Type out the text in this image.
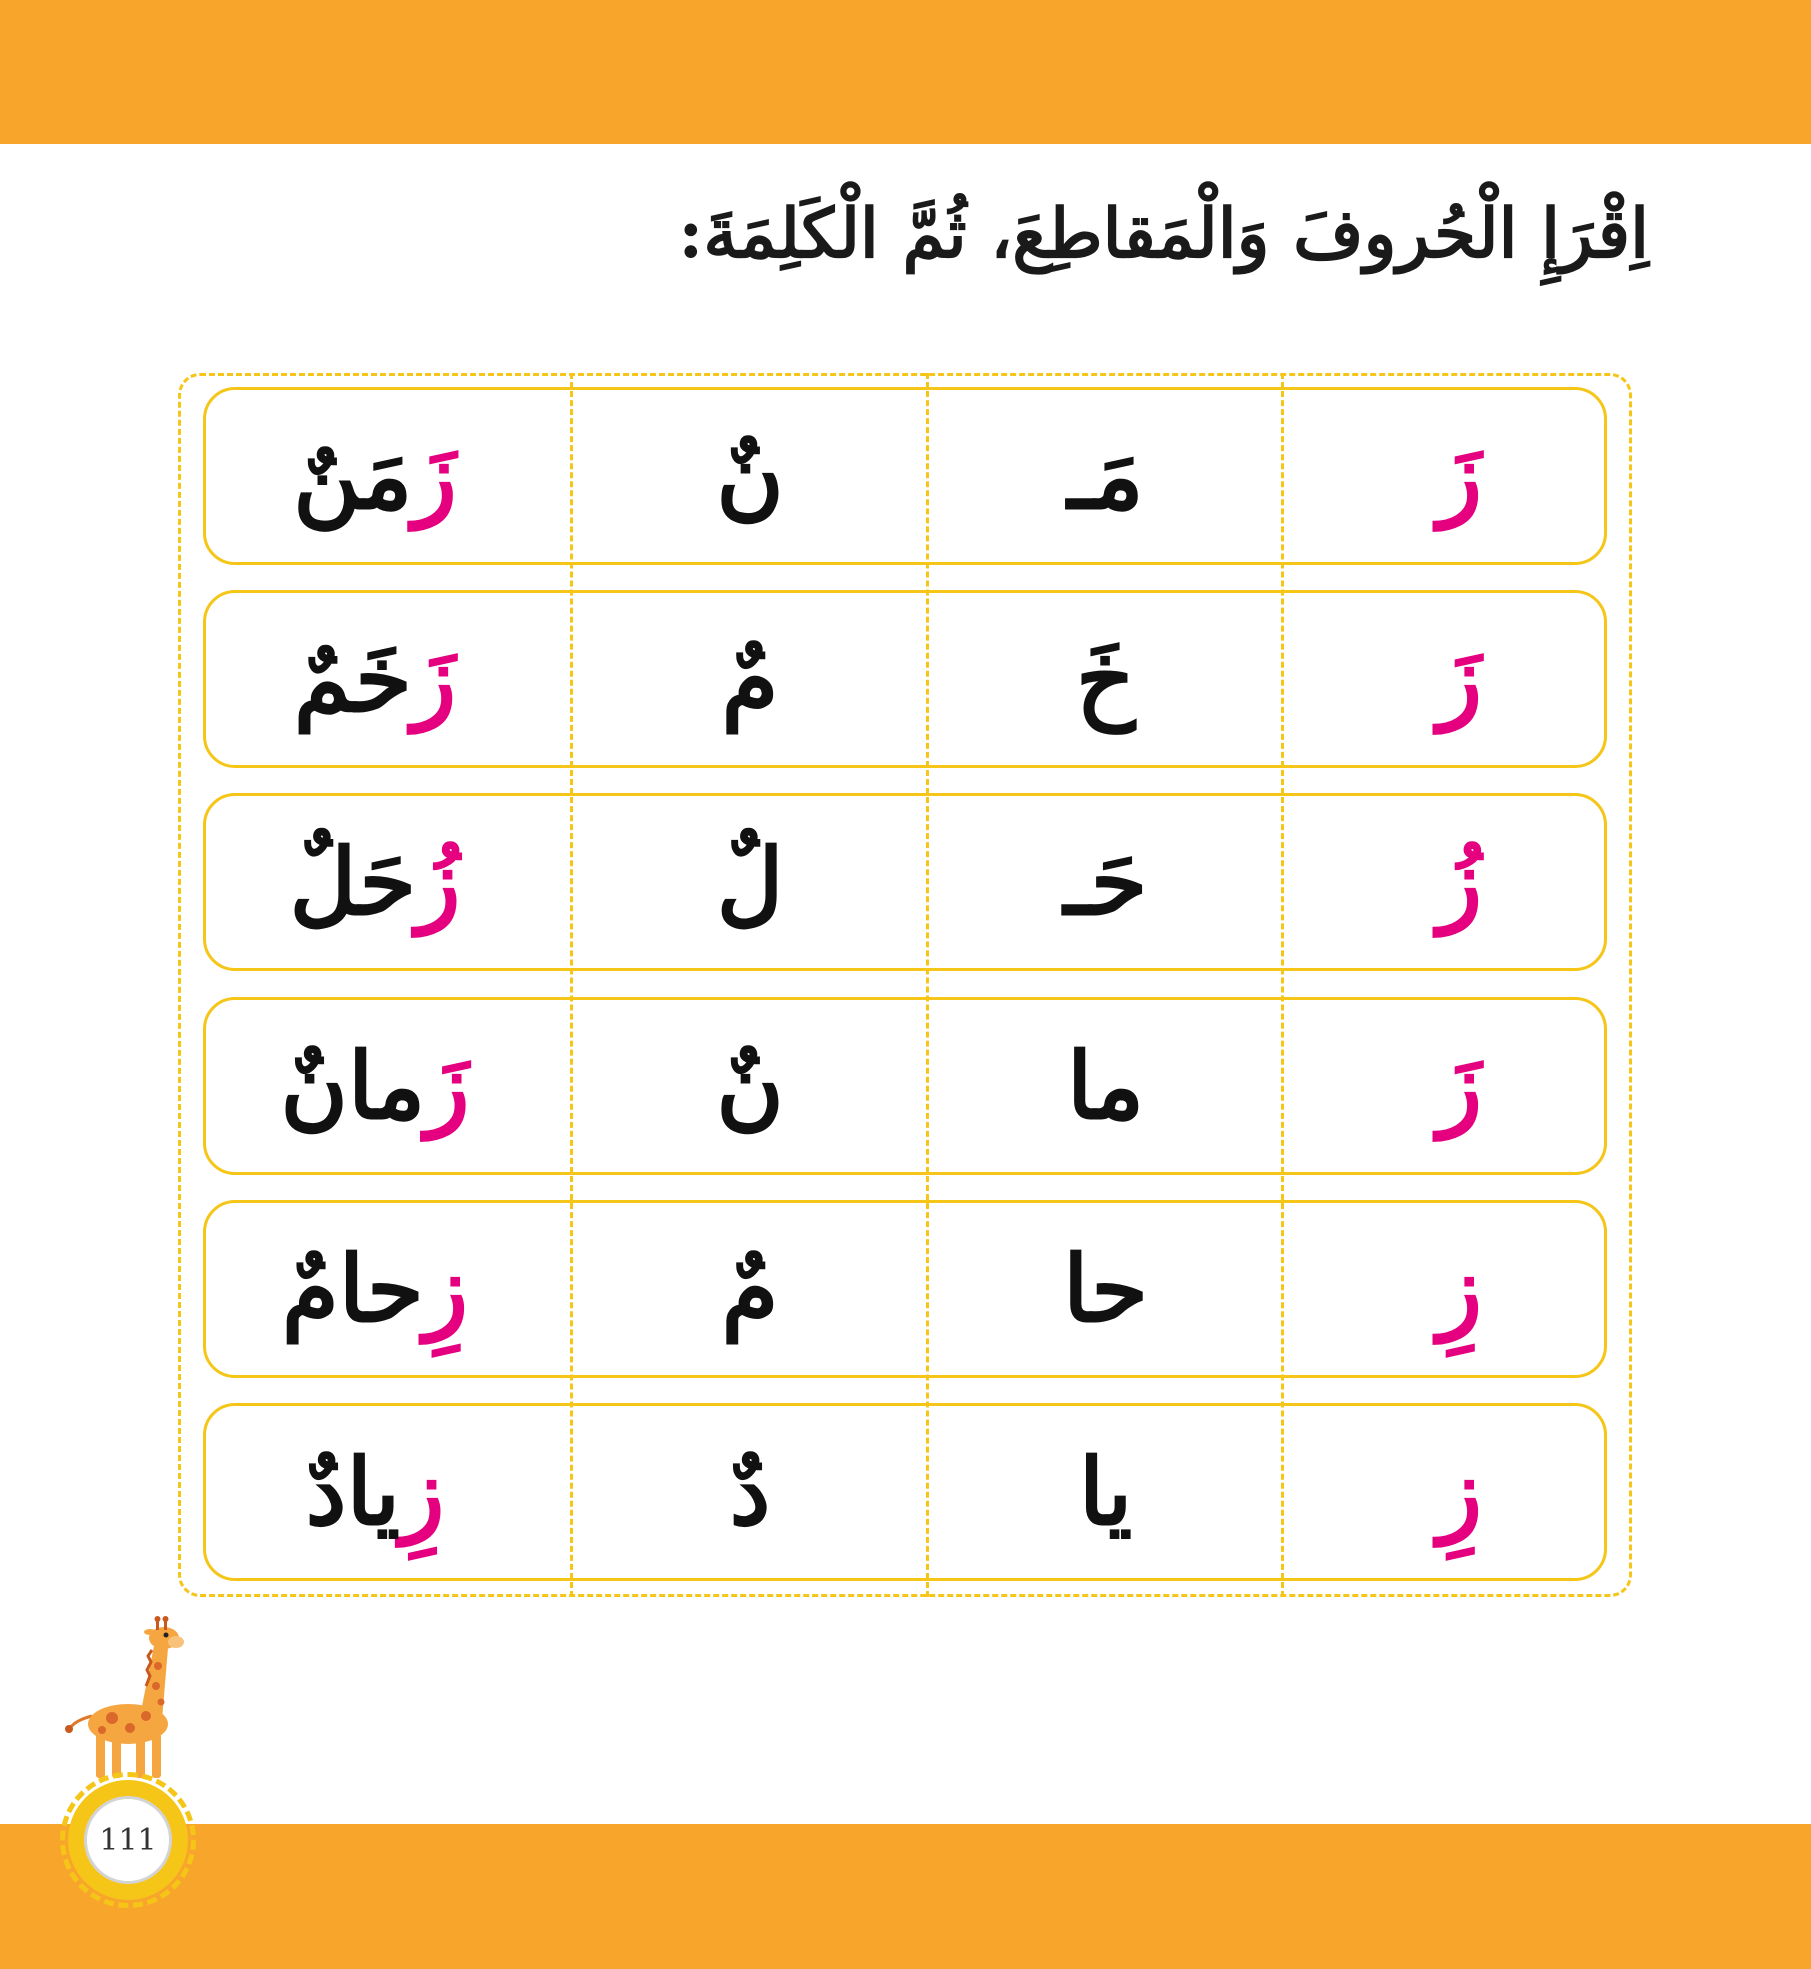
اِقْرَإِ الْحُروفَ وَالْمَقاطِعَ، ثُمَّ الْكَلِمَةَ:
زَ
مَـ
نٌ
زَ
مَنٌ
زَ
خَ
مٌ
زَ
خَمٌ
زُ
حَـ
لٌ
زُ
حَلٌ
زَ
ما
نٌ
زَ
مانٌ
زِ
حا
مٌ
زِ
حامٌ
زِ
يا
دٌ
زِ
يادٌ
111
